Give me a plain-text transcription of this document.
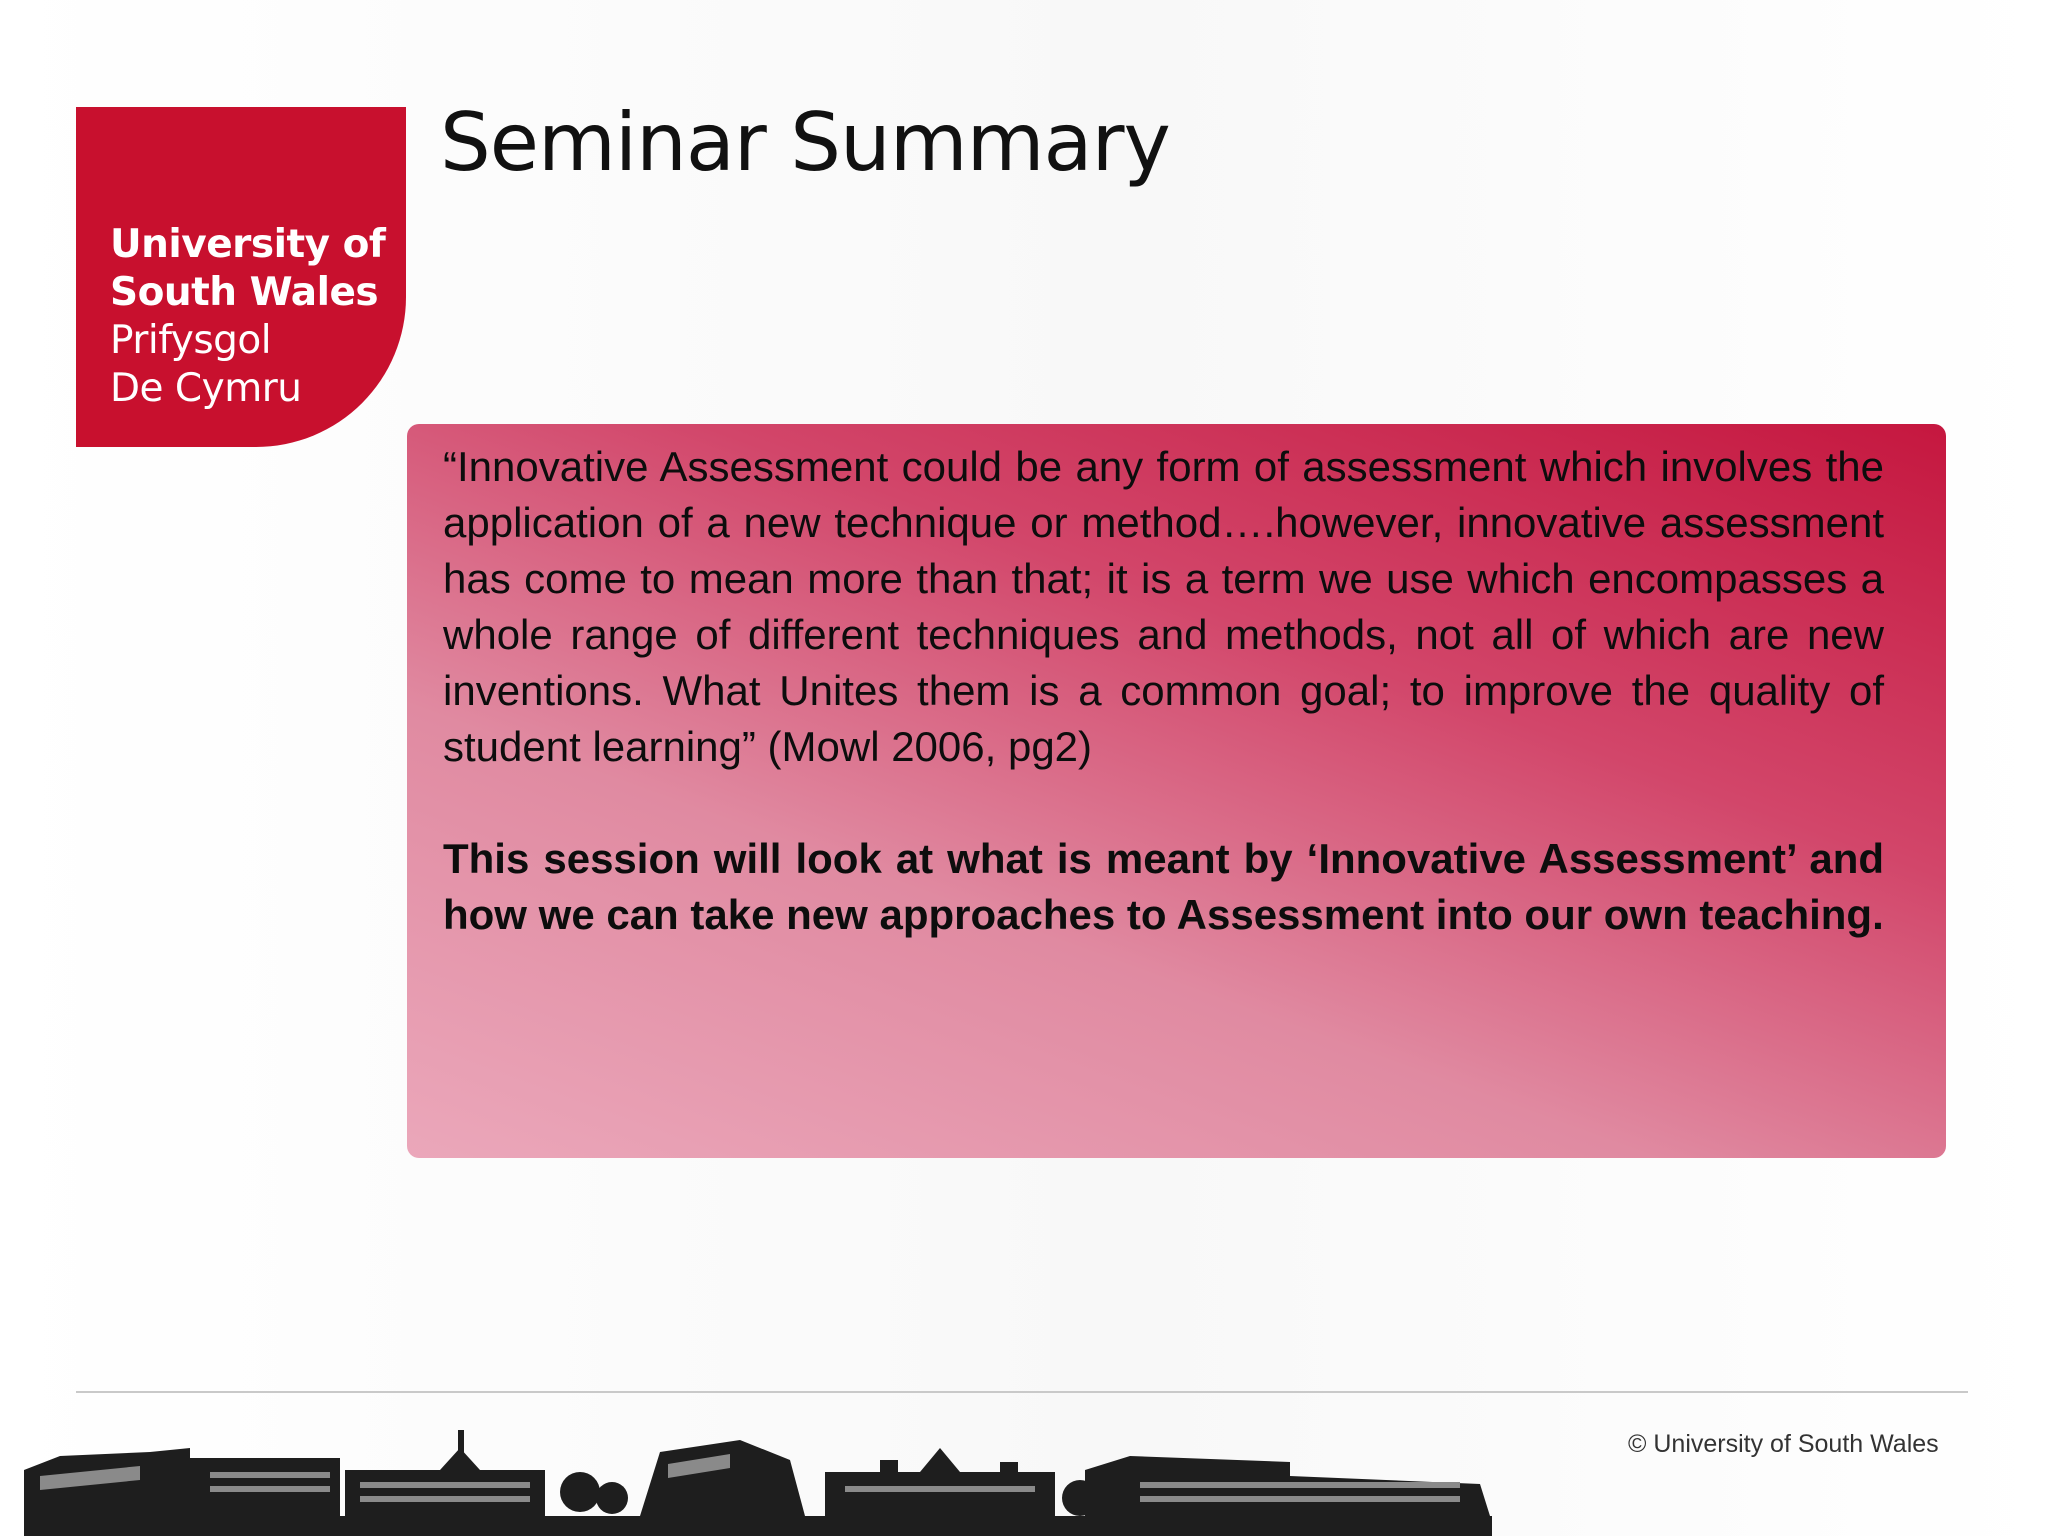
University of
South Wales
Prifysgol
De Cymru
Seminar Summary

“Innovative Assessment could be any form of assessment which involves the application of a new technique or method….however, innovative assessment has come to mean more than that; it is a term we use which encompasses a whole range of different techniques and methods, not all of which are new inventions. What Unites them is a common goal; to improve the quality of student learning” (Mowl 2006, pg2)

This session will look at what is meant by ‘Innovative Assessment’ and how we can take new approaches to Assessment into our own teaching.

© University of South Wales
